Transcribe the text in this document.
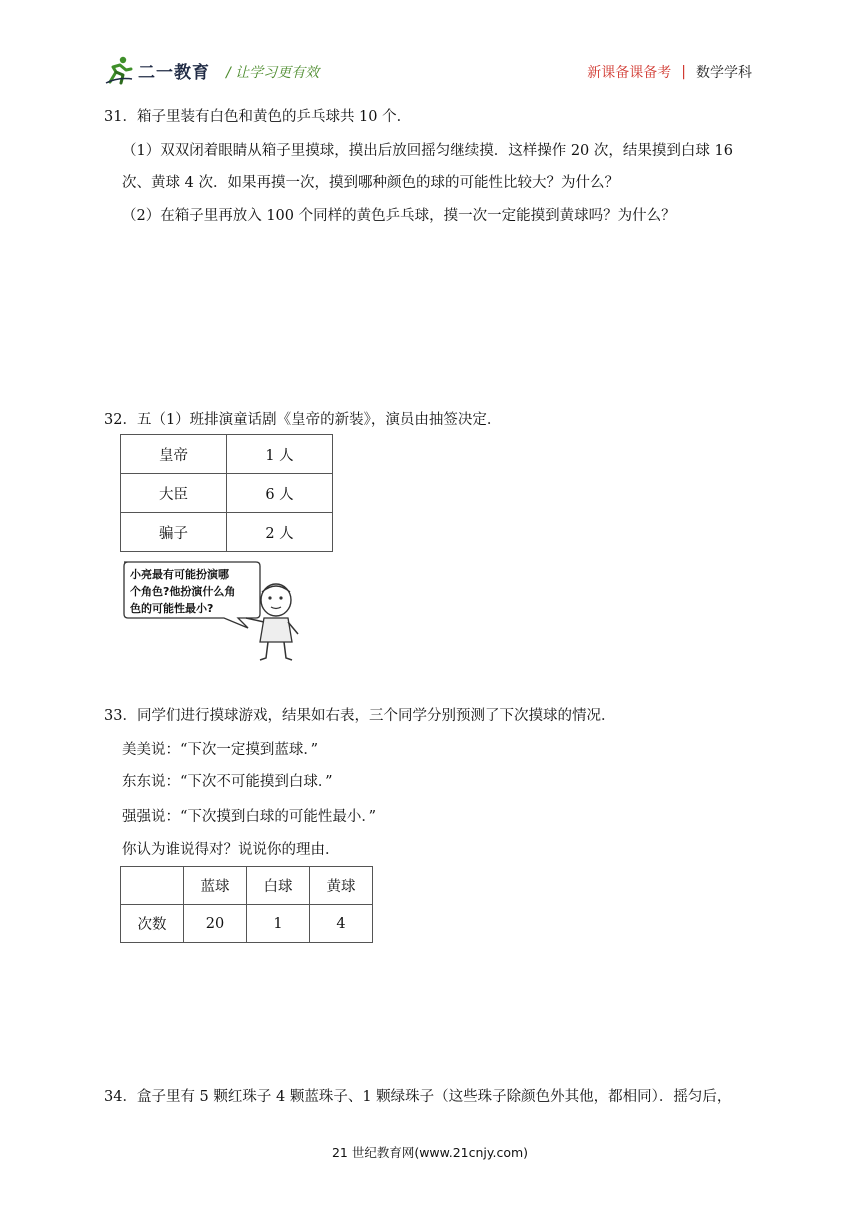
二一教育 / 让学习更有效	新课备课备考 | 数学学科
31．箱子里装有白色和黄色的乒乓球共 10 个．
（1）双双闭着眼睛从箱子里摸球，摸出后放回摇匀继续摸．这样操作 20 次，结果摸到白球 16
次、黄球 4 次．如果再摸一次，摸到哪种颜色的球的可能性比较大？为什么？
（2）在箱子里再放入 100 个同样的黄色乒乓球，摸一次一定能摸到黄球吗？为什么？
32．五（1）班排演童话剧《皇帝的新装》，演员由抽签决定．
皇帝	1 人
大臣	6 人
骗子	2 人
小亮最有可能扮演哪
个角色?他扮演什么角
色的可能性最小?
33．同学们进行摸球游戏，结果如右表，三个同学分别预测了下次摸球的情况．
美美说：“下次一定摸到蓝球．”
东东说：“下次不可能摸到白球．”
强强说：“下次摸到白球的可能性最小．”
你认为谁说得对？说说你的理由．
	蓝球	白球	黄球
次数	20	1	4
34．盒子里有 5 颗红珠子 4 颗蓝珠子、1 颗绿珠子（这些珠子除颜色外其他，都相同）．摇匀后，
21 世纪教育网(www.21cnjy.com)
